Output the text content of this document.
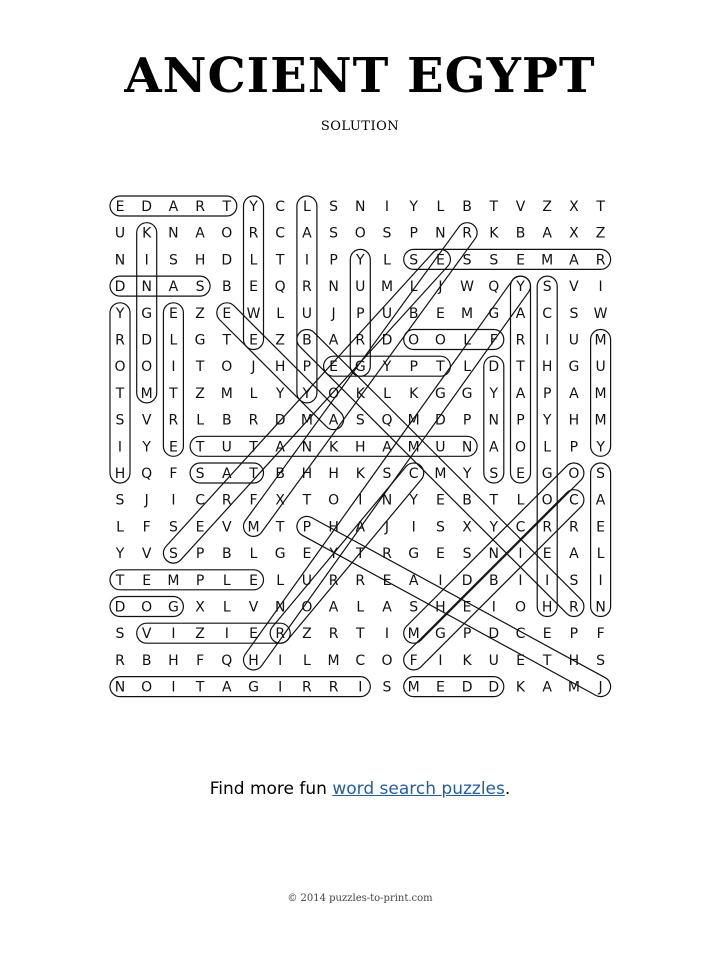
ANCIENT EGYPT
SOLUTION
E D A R T Y C L S N I Y L B T V Z X T
U K N A O R C A S O S P N R K B A X Z
N I S H D L T I P Y L S E S S E M A R
D N A S B E Q R N U M L J W Q Y S V I
Y G E Z E W L U J P U B E M G A C S W
R D L G T E Z B A R D O O L F R I U M
O O I T O J H P E G Y P T L D T H G U
T M T Z M L Y Y O K L K G G Y A P A M
S V R L B R D M A S Q M D P N P Y H M
I Y E T U T A N K H A M U N A O L P Y
H Q F S A T B H H K S C M Y S E G O S
S J I C R F X T O I N Y E B T L O C A
L F S E V M T P H A J I S X Y C R R E
Y V S P B L G E Y T R G E S N I E A L
T E M P L E L U R R E A I D B I I S I
D O G X L V N O A L A S H E I O H R N
S V I Z I E R Z R T I M G P D C E P F
R B H F Q H I L M C O F I K U E T H S
N O I T A G I R R I S M E D D K A M J
Find more fun word search puzzles.
© 2014 puzzles-to-print.com
